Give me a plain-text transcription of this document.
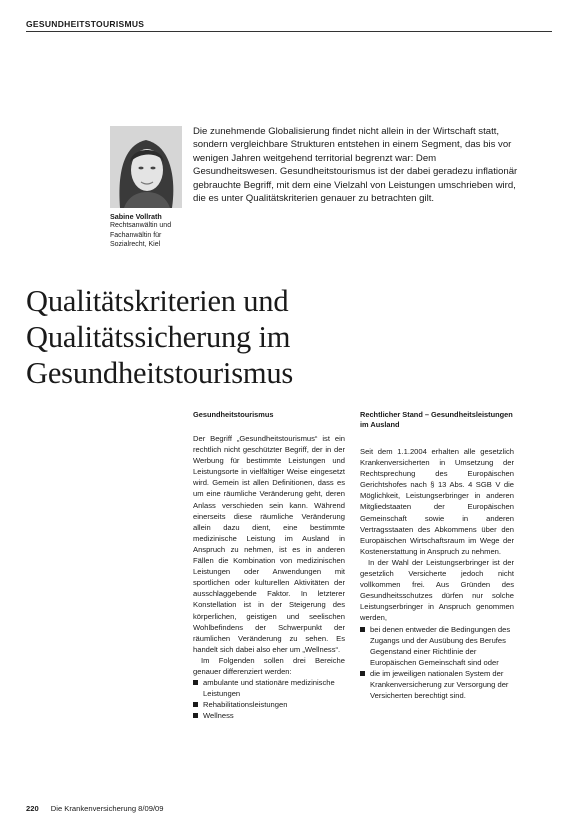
GESUNDHEITSTOURISMUS
Sabine Vollrath
Rechtsanwältin und Fachanwältin für Sozialrecht, Kiel

Die zunehmende Globalisierung findet nicht allein in der Wirtschaft statt, sondern vergleichbare Strukturen entstehen in einem Segment, das bis vor wenigen Jahren weitgehend territorial begrenzt war: Dem Gesundheitswesen. Gesundheitstourismus ist der dabei geradezu inflationär gebrauchte Begriff, mit dem eine Vielzahl von Leistungen umschrieben wird, die es unter Qualitätskriterien genauer zu betrachten gilt.

Qualitätskriterien und
Qualitätssicherung im
Gesundheitstourismus
Gesundheitstourismus

Der Begriff „Gesundheitstourismus“ ist ein rechtlich nicht geschützter Begriff, der in der Werbung für bestimmte Leistungen und Leistungsorte in vielfältiger Weise eingesetzt wird. Gemein ist allen Definitionen, dass es um eine räumliche Veränderung geht, deren Anlass verschieden sein kann. Während einerseits diese räumliche Veränderung allein dazu dient, eine bestimmte medizinische Leistung im Ausland in Anspruch zu nehmen, ist es in anderen Fällen die Kombination von medizinischen Leistungen oder Anwendungen mit sportlichen oder kulturellen Aktivitäten der ausschlaggebende Faktor. In letzterer Konstellation ist in der Steigerung des körperlichen, geistigen und seelischen Wohlbefindens der Schwerpunkt der räumlichen Veränderung zu sehen. Es handelt sich dabei also eher um „Wellness“.

Im Folgenden sollen drei Bereiche genauer differenziert werden:

ambulante und stationäre medizinische Leistungen
Rehabilitationsleistungen
Wellness
Rechtlicher Stand – Gesundheitsleistungen im Ausland

Seit dem 1.1.2004 erhalten alle gesetzlich Krankenversicherten in Umsetzung der Rechtsprechung des Europäischen Gerichtshofes nach § 13 Abs. 4 SGB V die Möglichkeit, Leistungserbringer in anderen Mitgliedstaaten der Europäischen Gemeinschaft sowie in anderen Vertragsstaaten des Abkommens über den Europäischen Wirtschaftsraum im Wege der Kostenerstattung in Anspruch zu nehmen.

In der Wahl der Leistungserbringer ist der gesetzlich Versicherte jedoch nicht vollkommen frei. Aus Gründen des Gesundheitsschutzes dürfen nur solche Leistungserbringer in Anspruch genommen werden,

bei denen entweder die Bedingungen des Zugangs und der Ausübung des Berufes Gegenstand einer Richtlinie der Europäischen Gemeinschaft sind oder
die im jeweiligen nationalen System der Krankenversicherung zur Versorgung der Versicherten berechtigt sind.
220 Die Krankenversicherung 8/09/09
